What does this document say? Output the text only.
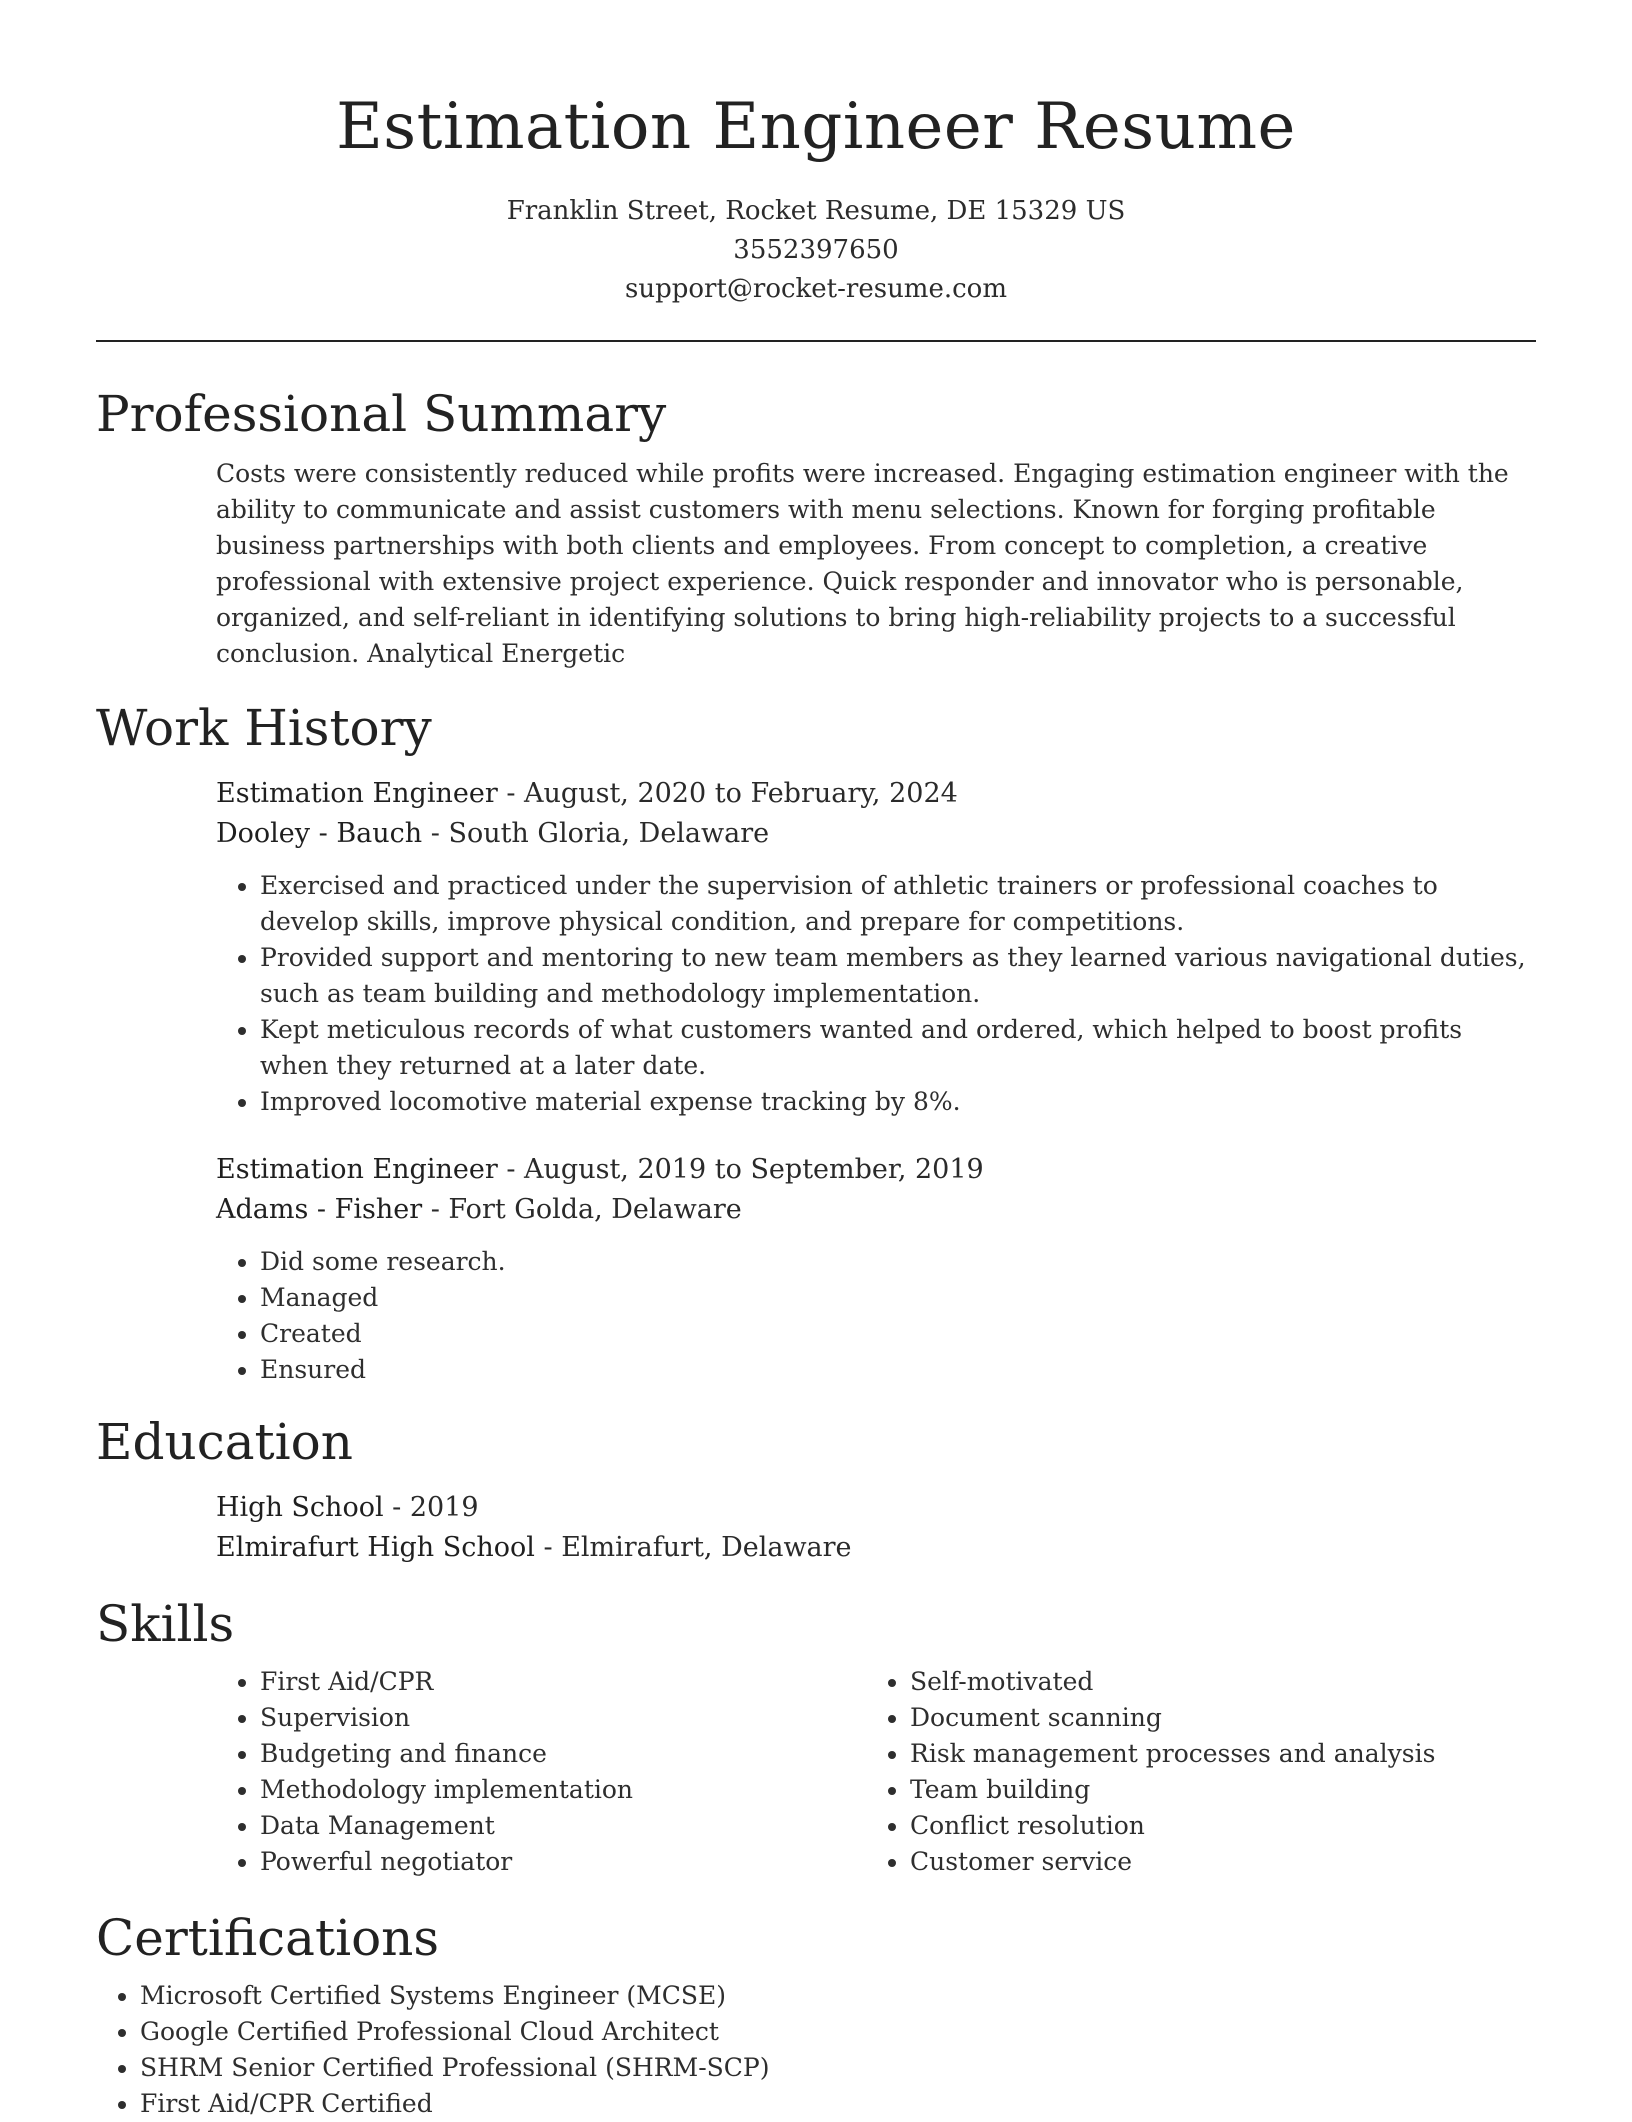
Estimation Engineer Resume
Franklin Street, Rocket Resume, DE 15329 US
3552397650
support@rocket-resume.com
Professional Summary

Costs were consistently reduced while profits were increased. Engaging estimation engineer with the ability to communicate and assist customers with menu selections. Known for forging profitable business partnerships with both clients and employees. From concept to completion, a creative professional with extensive project experience. Quick responder and innovator who is personable, organized, and self-reliant in identifying solutions to bring high-reliability projects to a successful conclusion. Analytical Energetic

Work History
Estimation Engineer - August, 2020 to February, 2024
Dooley - Bauch - South Gloria, Delaware
• Exercised and practiced under the supervision of athletic trainers or professional coaches to develop skills, improve physical condition, and prepare for competitions.
• Provided support and mentoring to new team members as they learned various navigational duties, such as team building and methodology implementation.
• Kept meticulous records of what customers wanted and ordered, which helped to boost profits when they returned at a later date.
• Improved locomotive material expense tracking by 8%.
Estimation Engineer - August, 2019 to September, 2019
Adams - Fisher - Fort Golda, Delaware
• Did some research.
• Managed
• Created
• Ensured
Education
High School - 2019
Elmirafurt High School - Elmirafurt, Delaware
Skills
• First Aid/CPR
• Supervision
• Budgeting and finance
• Methodology implementation
• Data Management
• Powerful negotiator
• Self-motivated
• Document scanning
• Risk management processes and analysis
• Team building
• Conflict resolution
• Customer service
Certifications
• Microsoft Certified Systems Engineer (MCSE)
• Google Certified Professional Cloud Architect
• SHRM Senior Certified Professional (SHRM-SCP)
• First Aid/CPR Certified
